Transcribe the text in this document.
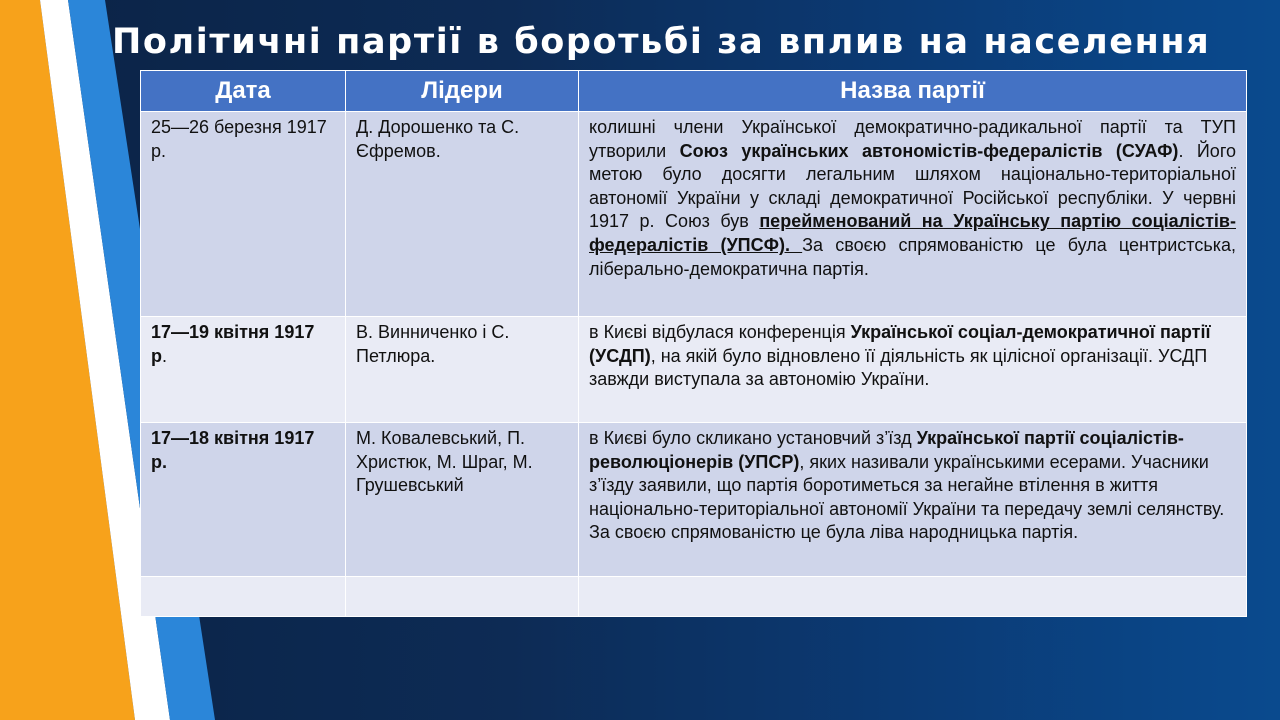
Політичні партії в боротьбі за вплив на населення
Дата	Лідери	Назва партії
25—26 березня 1917 р.	Д. Дорошенко та С. Єфремов.	колишні члени Української демократично-радикальної партії та ТУП утворили Союз українських автономістів-федералістів (СУАФ). Його метою було досягти легальним шляхом національно-територіальної автономії України у складі демократичної Російської республіки. У червні 1917 р. Союз був перейменований на Українську партію соціалістів-федералістів (УПСФ). За своєю спрямованістю це була центристська, ліберально-демократична партія.
17—19 квітня 1917 р.	В. Винниченко і С. Петлюра.	в Києві відбулася конференція Української соціал-демократичної партії (УСДП), на якій було відновлено її діяльність як цілісної організації. УСДП завжди виступала за автономію України.
17—18 квітня 1917 р.	М. Ковалевський, П. Христюк, М. Шраг, М. Грушевський	в Києві було скликано установчий з’їзд Української партії соціалістів-революціонерів (УПСР), яких називали українськими есерами. Учасники з’їзду заявили, що партія боротиметься за негайне втілення в життя національно-територіальної автономії України та передачу землі селянству. За своєю спрямованістю це була ліва народницька партія.
